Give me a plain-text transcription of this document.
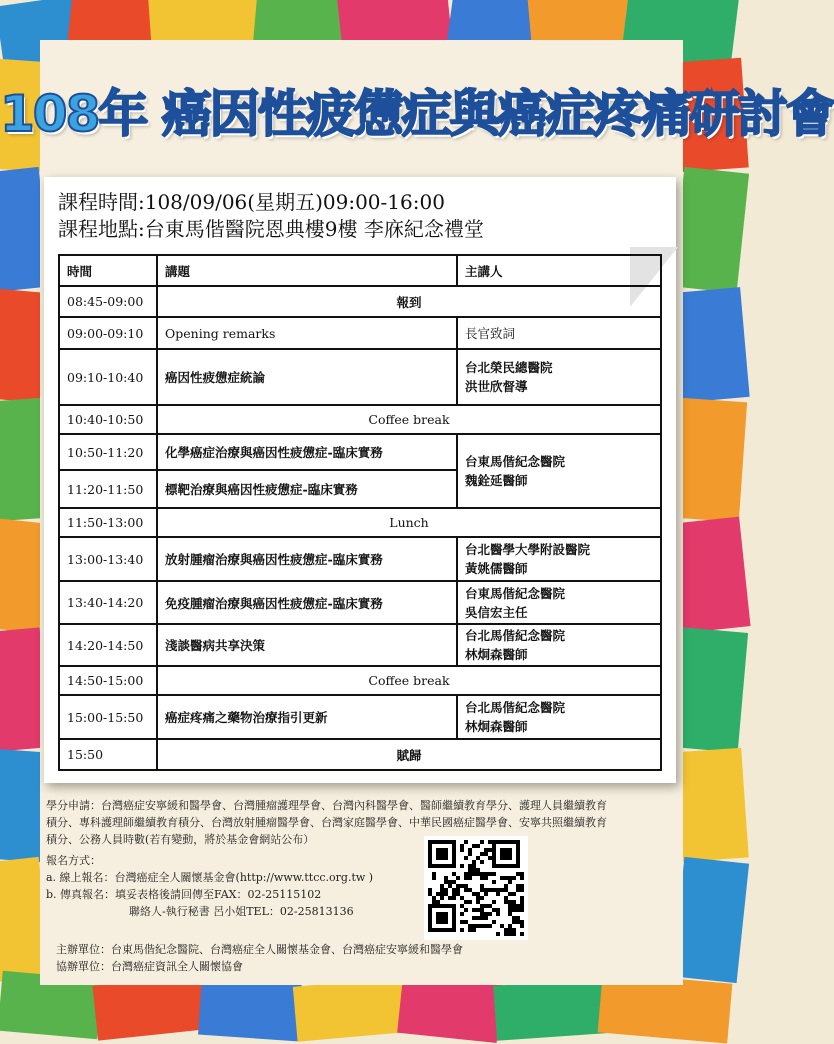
108年 癌因性疲憊症與癌症疼痛研討會
課程時間:108/09/06(星期五)09:00-16:00
課程地點:台東馬偕醫院恩典樓9樓 李庥紀念禮堂
時間	講題	主講人
08:45-09:00	報到	
09:00-09:10	Opening remarks	長官致詞
09:10-10:40	癌因性疲憊症統論	台北榮民總醫院
洪世欣督導

10:40-10:50	Coffee break	
10:50-11:20	化學癌症治療與癌因性疲憊症-臨床實務	台東馬偕紀念醫院
魏銓延醫師

11:20-11:50	標靶治療與癌因性疲憊症-臨床實務	
11:50-13:00	Lunch	
13:00-13:40	放射腫瘤治療與癌因性疲憊症-臨床實務	台北醫學大學附設醫院
黃姚儒醫師

13:40-14:20	免疫腫瘤治療與癌因性疲憊症-臨床實務	台東馬偕紀念醫院
吳信宏主任

14:20-14:50	淺談醫病共享決策	台北馬偕紀念醫院
林炯森醫師

14:50-15:00	Coffee break	
15:00-15:50	癌症疼痛之藥物治療指引更新	台北馬偕紀念醫院
林炯森醫師

15:50	賦歸	
學分申請：台灣癌症安寧緩和醫學會、台灣腫瘤護理學會、台灣內科醫學會、醫師繼續教育學分、護理人員繼續教育
積分、專科護理師繼續教育積分、台灣放射腫瘤醫學會、台灣家庭醫學會、中華民國癌症醫學會、安寧共照繼續教育
積分、公務人員時數(若有變動，將於基金會網站公布）
報名方式：
a. 線上報名：台灣癌症全人關懷基金會(http://www.ttcc.org.tw )
b. 傳真報名：填妥表格後請回傳至FAX：02-25115102
聯絡人-執行秘書 呂小姐TEL：02-25813136
主辦單位：台東馬偕紀念醫院、台灣癌症全人關懷基金會、台灣癌症安寧緩和醫學會
協辦單位：台灣癌症資訊全人關懷協會
